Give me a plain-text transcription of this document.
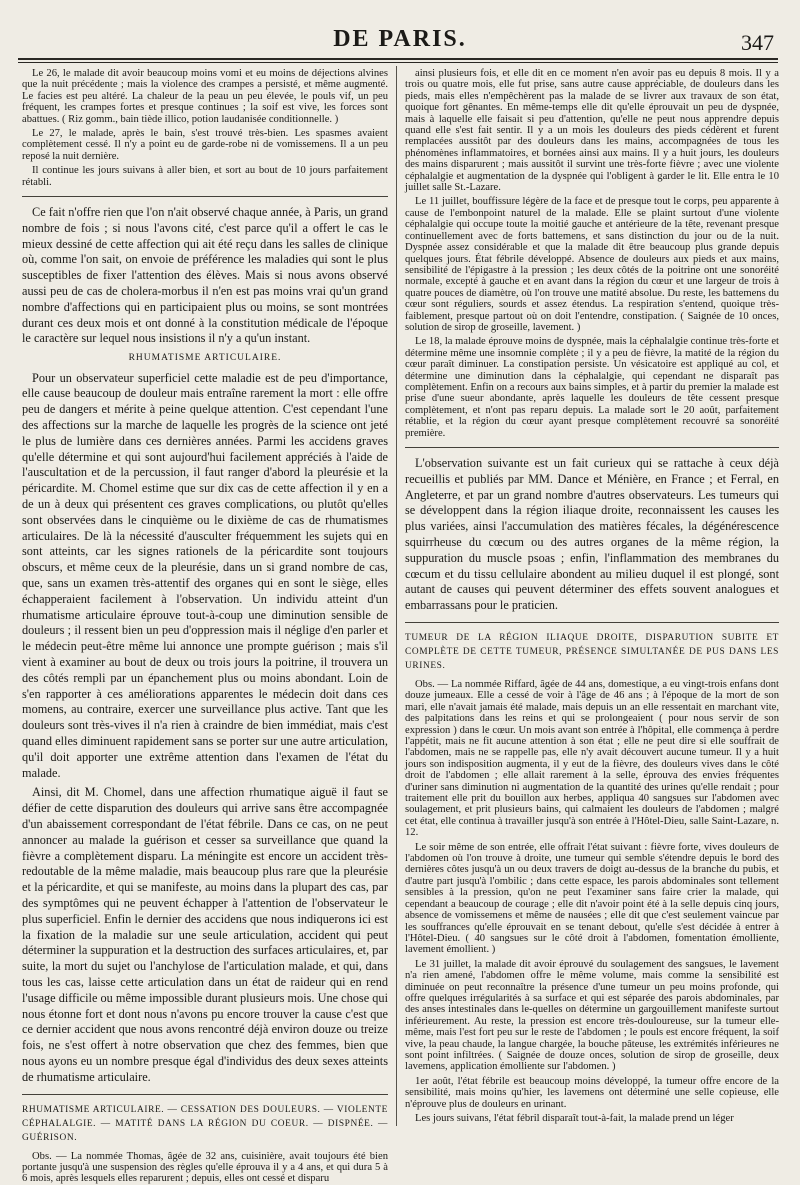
DE PARIS.	347

Le 26, le malade dit avoir beaucoup moins vomi et eu moins de déjections alvines que la nuit précédente ; mais la violence des crampes a persisté, et même augmenté. Le facies est peu altéré. La chaleur de la peau un peu élevée, le pouls vif, un peu fréquent, les crampes fortes et presque continues ; la soif est vive, les forces sont abattues. ( Riz gomm., bain tiède illico, potion laudanisée conditionnelle. )

Le 27, le malade, après le bain, s'est trouvé très-bien. Les spasmes avaient complètement cessé. Il n'y a point eu de garde-robe ni de vomissemens. Il a un peu reposé la nuit dernière.

Il continue les jours suivans à aller bien, et sort au bout de 10 jours parfaitement rétabli.

Ce fait n'offre rien que l'on n'ait observé chaque année, à Paris, un grand nombre de fois ; si nous l'avons cité, c'est parce qu'il a offert le cas le mieux dessiné de cette affection qui ait été reçu dans les salles de clinique où, comme l'on sait, on envoie de préférence les maladies qui sont le plus susceptibles de fixer l'attention des élèves. Mais si nous avons observé aussi peu de cas de cholera-morbus il n'en est pas moins vrai qu'un grand nombre d'affections qui en participaient plus ou moins, se sont montrées durant ces deux mois et ont donné à la constitution médicale de l'époque le caractère sur lequel nous insistions il n'y a qu'un instant.

RHUMATISME ARTICULAIRE.

Pour un observateur superficiel cette maladie est de peu d'importance, elle cause beaucoup de douleur mais entraîne rarement la mort : elle offre peu de dangers et mérite à peine quelque attention. C'est cependant l'une des affections sur la marche de laquelle les progrès de la science ont jeté le plus de lumière dans ces dernières années. Parmi les accidens graves qu'elle détermine et qui sont aujourd'hui facilement appréciés à l'aide de l'auscultation et de la percussion, il faut ranger d'abord la pleurésie et la péricardite. M. Chomel estime que sur dix cas de cette affection il y en a de un à deux qui présentent ces graves complications, ou plutôt qu'elles sont observées dans le cinquième ou le dixième de cas de rhumatismes articulaires. De là la nécessité d'ausculter fréquemment les sujets qui en sont atteints, car les signes rationels de la péricardite sont toujours obscurs, et même ceux de la pleurésie, dans un si grand nombre de cas, que, sans un examen très-attentif des organes qui en sont le siège, elles échapperaient facilement à l'observation. Un individu atteint d'un rhumatisme articulaire éprouve tout-à-coup une diminution sensible de douleurs ; il ressent bien un peu d'oppression mais il néglige d'en parler et le médecin peut-être même lui annonce une prompte guérison ; mais s'il vient à examiner au bout de deux ou trois jours la poitrine, il trouvera un des côtés rempli par un épanchement plus ou moins abondant. Loin de s'en rapporter à ces améliorations apparentes le médecin doit dans ces momens, au contraire, exercer une surveillance plus active. Tant que les douleurs sont très-vives il n'a rien à craindre de bien immédiat, mais c'est quand elles diminuent rapidement sans se porter sur une autre articulation, qu'il doit apporter une extrême attention dans l'examen de l'état du malade.

Ainsi, dit M. Chomel, dans une affection rhumatique aiguë il faut se défier de cette disparution des douleurs qui arrive sans être accompagnée d'un abaissement correspondant de l'état fébrile. Dans ce cas, on ne peut annoncer au malade la guérison et cesser sa surveillance que quand la fièvre a complètement disparu. La méningite est encore un accident très-redoutable de la même maladie, mais beaucoup plus rare que la pleurésie et la péricardite, et qui se manifeste, au moins dans la plupart des cas, par des symptômes qui ne peuvent échapper à l'attention de l'observateur le plus superficiel. Enfin le dernier des accidens que nous indiquerons ici est la fixation de la maladie sur une seule articulation, accident qui peut déterminer la suppuration et la destruction des surfaces articulaires, et, par suite, la mort du sujet ou l'anchylose de l'articulation malade, et qui, dans tous les cas, laisse cette articulation dans un état de raideur qui en rend l'usage difficile ou même impossible durant plusieurs mois. Une chose qui nous étonne fort et dont nous n'avons pu encore trouver la cause c'est que ce dernier accident que nous avons rencontré déjà environ douze ou treize fois, ne s'est offert à notre observation que chez des femmes, bien que nous ayons eu un nombre presque égal d'individus des deux sexes atteints de rhumatisme articulaire.

RHUMATISME ARTICULAIRE. — CESSATION DES DOULEURS. — VIOLENTE CÉPHALALGIE. — MATITÉ DANS LA RÉGION DU COEUR. — DISPNÉE. — GUÉRISON.

Obs. — La nommée Thomas, âgée de 32 ans, cuisinière, avait toujours été bien portante jusqu'à une suspension des règles qu'elle éprouva il y a 4 ans, et qui dura 5 à 6 mois, après lesquels elles reparurent ; depuis, elles ont cessé et disparu

ainsi plusieurs fois, et elle dit en ce moment n'en avoir pas eu depuis 8 mois. Il y a trois ou quatre mois, elle fut prise, sans autre cause appréciable, de douleurs dans les pieds, mais elles n'empêchèrent pas la malade de se livrer aux travaux de son état, quoique fort gênantes. En même-temps elle dit qu'elle éprouvait un peu de dyspnée, mais à laquelle elle faisait si peu d'attention, qu'elle ne peut nous apprendre depuis quand elle s'est fait sentir. Il y a un mois les douleurs des pieds cédèrent et furent remplacées aussitôt par des douleurs dans les mains, accompagnées de tous les phénomènes inflammatoires, et bornées ainsi aux mains. Il y a huit jours, les douleurs des mains disparurent ; mais aussitôt il survint une très-forte fièvre ; avec une violente céphalalgie et augmentation de la dyspnée qui l'obligent à garder le lit. Elle entra le 10 juillet salle St.-Lazare.

Le 11 juillet, bouffissure légère de la face et de presque tout le corps, peu apparente à cause de l'embonpoint naturel de la malade. Elle se plaint surtout d'une violente céphalalgie qui occupe toute la moitié gauche et antérieure de la tête, revenant presque continuellement avec de forts battemens, et sans distinction du jour ou de la nuit. Dyspnée assez considérable et que la malade dit être beaucoup plus grande depuis quelques jours. État fébrile développé. Absence de douleurs aux pieds et aux mains, sensibilité de l'épigastre à la pression ; les deux côtés de la poitrine ont une sonoréité normale, excepté à gauche et en avant dans la région du cœur et une largeur de trois à quatre pouces de diamètre, où l'on trouve une matité absolue. Du reste, les battemens du cœur sont réguliers, sourds et assez étendus. La respiration s'entend, quoique très-faiblement, presque partout où on doit l'entendre, constipation. ( Saignée de 10 onces, solution de sirop de groseille, lavement. )

Le 18, la malade éprouve moins de dyspnée, mais la céphalalgie continue très-forte et détermine même une insomnie complète ; il y a peu de fièvre, la matité de la région du cœur paraît diminuer. La constipation persiste. Un vésicatoire est appliqué au col, et détermine une diminution dans la céphalalgie, qui cependant ne disparaît pas complètement. Enfin on a recours aux bains simples, et à partir du premier la malade est prise d'une sueur abondante, après laquelle les douleurs de tête cessent presque complètement, et n'ont pas reparu depuis. La malade sort le 20 août, parfaitement rétablie, et la région du cœur ayant presque complètement recouvré sa sonoréité première.

L'observation suivante est un fait curieux qui se rattache à ceux déjà recueillis et publiés par MM. Dance et Ménière, en France ; et Ferral, en Angleterre, et par un grand nombre d'autres observateurs. Les tumeurs qui se développent dans la région iliaque droite, reconnaissent les causes les plus variées, ainsi l'accumulation des matières fécales, la dégénérescence squirrheuse du cœcum ou des autres organes de la même région, la suppuration du muscle psoas ; enfin, l'inflammation des membranes du cœcum et du tissu cellulaire abondent au milieu duquel il est plongé, sont autant de causes qui peuvent déterminer des effets souvent analogues et embarrassans pour le praticien.

TUMEUR DE LA RÉGION ILIAQUE DROITE, DISPARUTION SUBITE ET COMPLÈTE DE CETTE TUMEUR, PRÉSENCE SIMULTANÉE DE PUS DANS LES URINES.

Obs. — La nommée Riffard, âgée de 44 ans, domestique, a eu vingt-trois enfans dont douze jumeaux. Elle a cessé de voir à l'âge de 46 ans ; à l'époque de la mort de son mari, elle n'avait jamais été malade, mais depuis un an elle ressentait en marchant vite, des palpitations dans les reins et qui se prolongeaient ( pour nous servir de son expression ) dans le cœur. Un mois avant son entrée à l'hôpital, elle commença à perdre l'appétit, mais ne fit aucune attention à son état ; elle ne peut dire si elle souffrait de l'abdomen, mais ne se rappelle pas, elle n'y avait découvert aucune tumeur. Il y a huit jours son indisposition augmenta, il y eut de la fièvre, des douleurs vives dans le côté droit de l'abdomen ; elle allait rarement à la selle, éprouva des envies fréquentes d'uriner sans diminution ni augmentation de la quantité des urines qu'elle rendait ; pour traitement elle prit du bouillon aux herbes, appliqua 40 sangsues sur l'abdomen avec soulagement, et prit plusieurs bains, qui calmaient les douleurs de l'abdomen ; malgré cet état, elle continua à travailler jusqu'à son entrée à l'Hôtel-Dieu, salle Saint-Lazare, n. 12.

Le soir même de son entrée, elle offrait l'état suivant : fièvre forte, vives douleurs de l'abdomen où l'on trouve à droite, une tumeur qui semble s'étendre depuis le bord des dernières côtes jusqu'à un ou deux travers de doigt au-dessus de la branche du pubis, et d'autre part jusqu'à l'ombilic ; dans cette espace, les parois abdominales sont tellement sensibles à la pression, qu'on ne peut l'examiner sans faire crier la malade, qui cependant a beaucoup de courage ; elle dit n'avoir point été à la selle depuis cinq jours, absence de vomissemens et même de nausées ; elle dit que c'est seulement vaincue par les souffrances qu'elle éprouvait en se tenant debout, qu'elle s'est décidée à entrer à l'Hôtel-Dieu. ( 40 sangsues sur le côté droit à l'abdomen, fomentation émolliente, lavement émollient. )

Le 31 juillet, la malade dit avoir éprouvé du soulagement des sangsues, le lavement n'a rien amené, l'abdomen offre le même volume, mais comme la sensibilité est diminuée on peut reconnaître la présence d'une tumeur un peu moins profonde, qui offre quelques irrégularités à sa surface et qui est séparée des parois abdominales, par des anses intestinales dans le-quelles on détermine un gargouillement manifeste surtout inférieurement. Au reste, la pression est encore très-douloureuse, sur la tumeur elle-même, mais l'est fort peu sur le reste de l'abdomen ; le pouls est encore fréquent, la soif vive, la peau chaude, la langue chargée, la bouche pâteuse, les extrémités inférieures ne sont point infiltrées. ( Saignée de douze onces, solution de sirop de groseille, deux lavemens, application émolliente sur l'abdomen. )

1er août, l'état fébrile est beaucoup moins développé, la tumeur offre encore de la sensibilité, mais moins qu'hier, les lavemens ont déterminé une selle copieuse, elle n'éprouve plus de douleurs en urinant.

Les jours suivans, l'état fébril disparaît tout-à-fait, la malade prend un léger
